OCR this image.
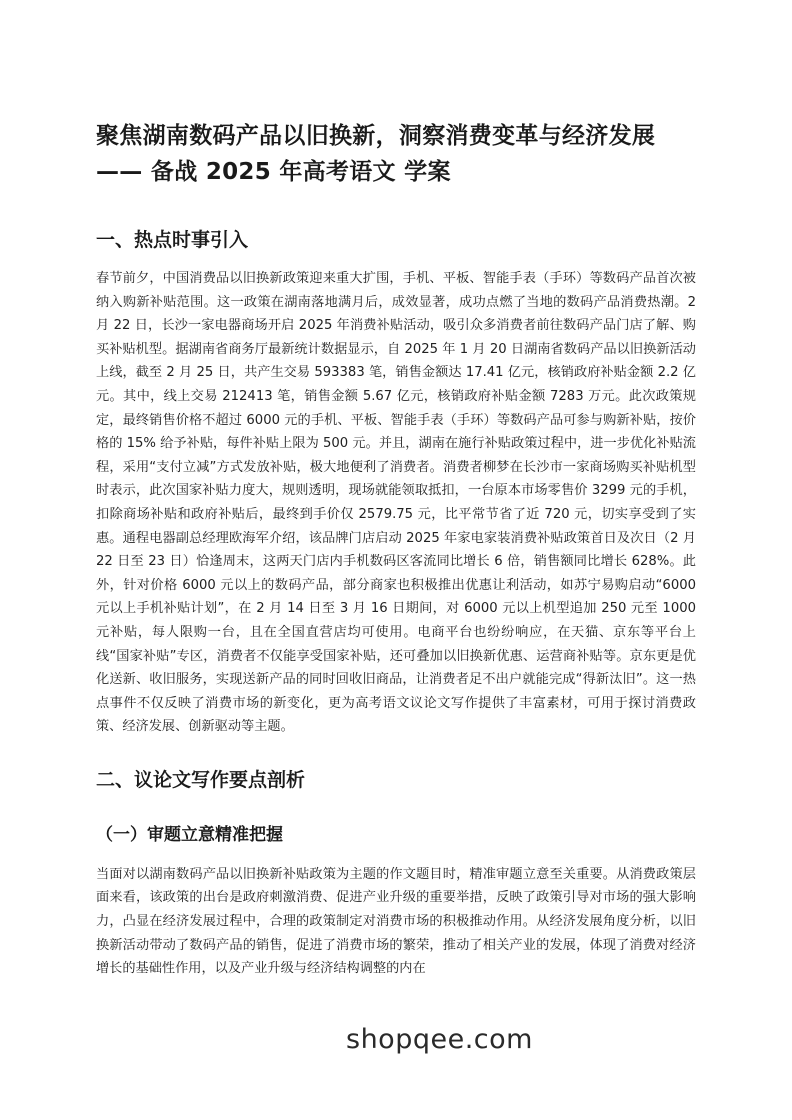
聚焦湖南数码产品以旧换新，洞察消费变革与经济发展
—— 备战 2025 年高考语文 学案
一、热点时事引入

春节前夕，中国消费品以旧换新政策迎来重大扩围，手机、平板、智能手表（手环）等数码产品首次被纳入购新补贴范围。这一政策在湖南落地满月后，成效显著，成功点燃了当地的数码产品消费热潮。2 月 22 日，长沙一家电器商场开启 2025 年消费补贴活动，吸引众多消费者前往数码产品门店了解、购买补贴机型。据湖南省商务厅最新统计数据显示，自 2025 年 1 月 20 日湖南省数码产品以旧换新活动上线，截至 2 月 25 日，共产生交易 593383 笔，销售金额达 17.41 亿元，核销政府补贴金额 2.2 亿元。其中，线上交易 212413 笔，销售金额 5.67 亿元，核销政府补贴金额 7283 万元。此次政策规定，最终销售价格不超过 6000 元的手机、平板、智能手表（手环）等数码产品可参与购新补贴，按价格的 15% 给予补贴，每件补贴上限为 500 元。并且，湖南在施行补贴政策过程中，进一步优化补贴流程，采用“支付立减”方式发放补贴，极大地便利了消费者。消费者柳梦在长沙市一家商场购买补贴机型时表示，此次国家补贴力度大，规则透明，现场就能领取抵扣，一台原本市场零售价 3299 元的手机，扣除商场补贴和政府补贴后，最终到手价仅 2579.75 元，比平常节省了近 720 元，切实享受到了实惠。通程电器副总经理欧海军介绍，该品牌门店启动 2025 年家电家装消费补贴政策首日及次日（2 月 22 日至 23 日）恰逢周末，这两天门店内手机数码区客流同比增长 6 倍，销售额同比增长 628%。此外，针对价格 6000 元以上的数码产品，部分商家也积极推出优惠让利活动，如苏宁易购启动“6000 元以上手机补贴计划”，在 2 月 14 日至 3 月 16 日期间，对 6000 元以上机型追加 250 元至 1000 元补贴，每人限购一台，且在全国直营店均可使用。电商平台也纷纷响应，在天猫、京东等平台上线“国家补贴”专区，消费者不仅能享受国家补贴，还可叠加以旧换新优惠、运营商补贴等。京东更是优化送新、收旧服务，实现送新产品的同时回收旧商品，让消费者足不出户就能完成“得新汰旧”。这一热点事件不仅反映了消费市场的新变化，更为高考语文议论文写作提供了丰富素材，可用于探讨消费政策、经济发展、创新驱动等主题。

二、议论文写作要点剖析
（一）审题立意精准把握

当面对以湖南数码产品以旧换新补贴政策为主题的作文题目时，精准审题立意至关重要。从消费政策层面来看，该政策的出台是政府刺激消费、促进产业升级的重要举措，反映了政策引导对市场的强大影响力，凸显在经济发展过程中，合理的政策制定对消费市场的积极推动作用。从经济发展角度分析，以旧换新活动带动了数码产品的销售，促进了消费市场的繁荣，推动了相关产业的发展，体现了消费对经济增长的基础性作用，以及产业升级与经济结构调整的内在

shopqee.com
